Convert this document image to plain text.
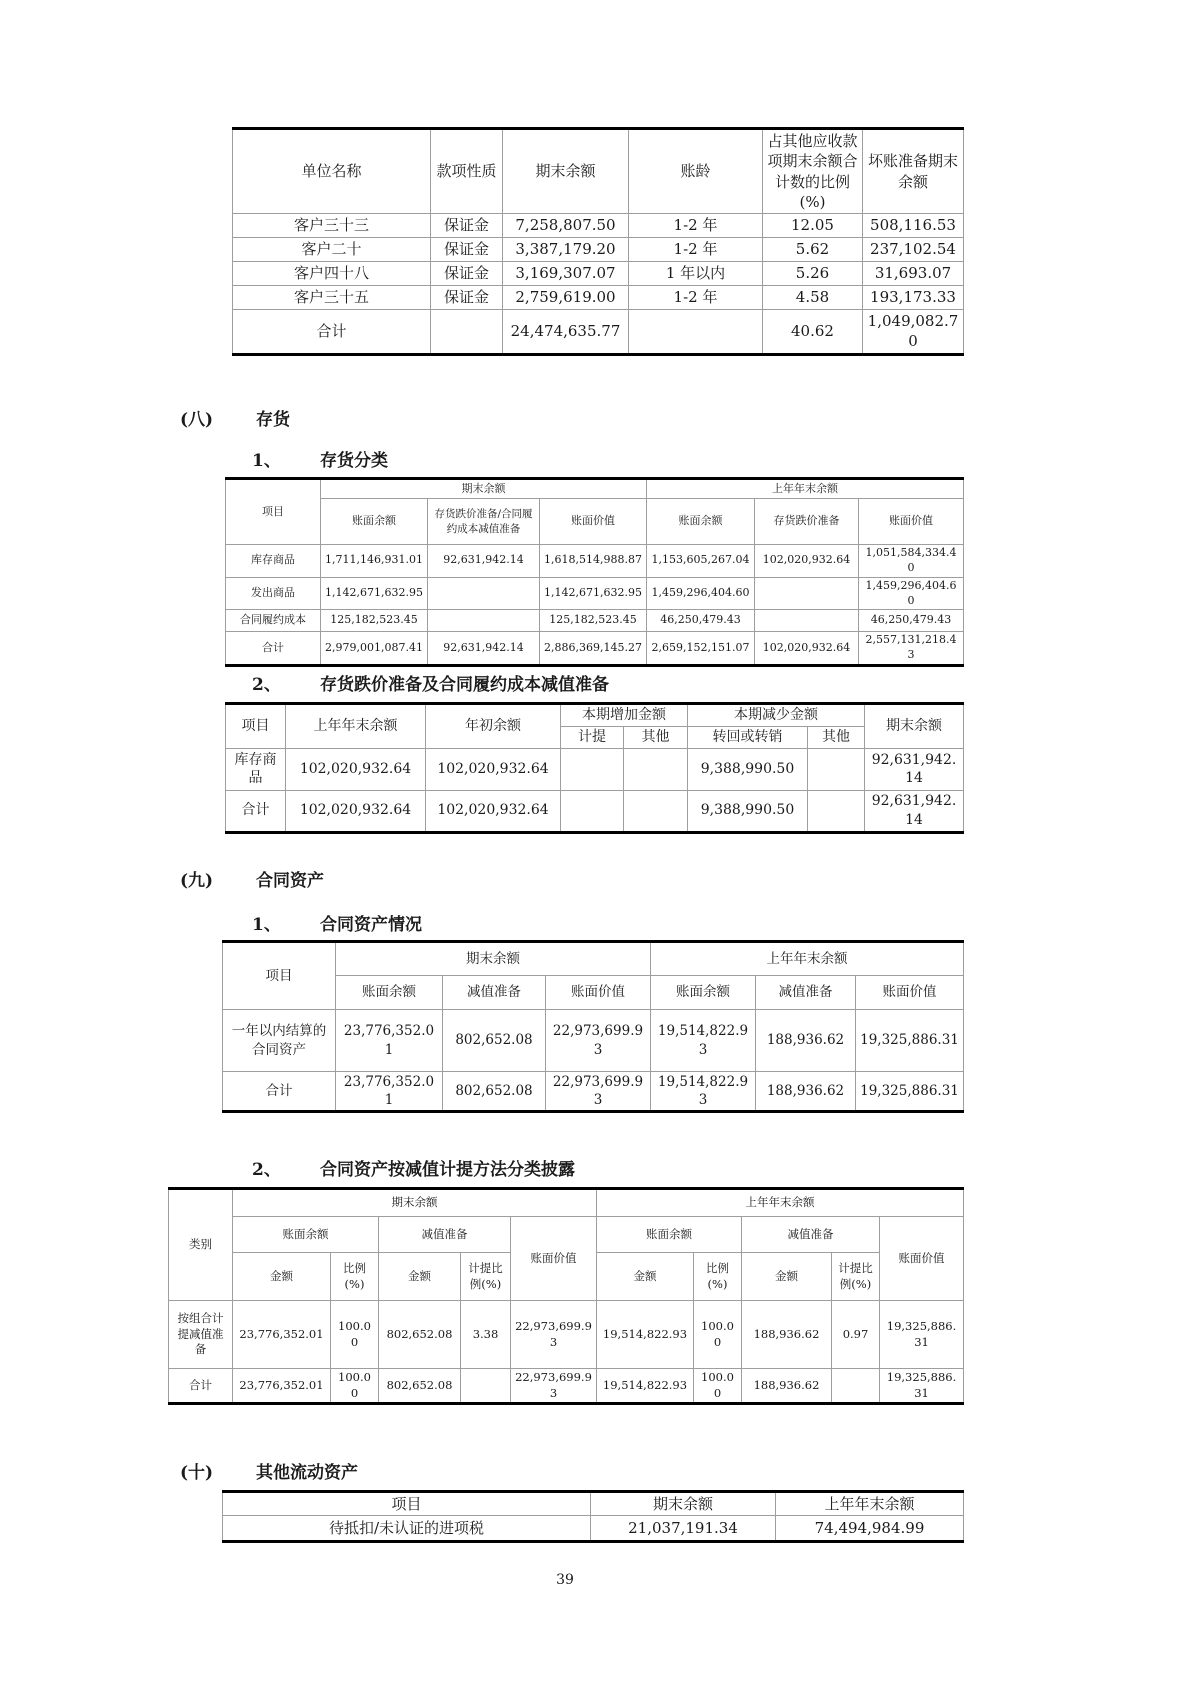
单位名称	款项性质	期末余额	账龄	占其他应收款项期末余额合计数的比例(%)	坏账准备期末余额
客户三十三	保证金	7,258,807.50	1-2 年	12.05	508,116.53
客户二十	保证金	3,387,179.20	1-2 年	5.62	237,102.54
客户四十八	保证金	3,169,307.07	1 年以内	5.26	31,693.07
客户三十五	保证金	2,759,619.00	1-2 年	4.58	193,173.33
合计		24,474,635.77		40.62	1,049,082.70
(八)	存货
1、 存货分类
项目	期末余额			上年年末余额		
	账面余额	存货跌价准备/合同履约成本减值准备	账面价值	账面余额	存货跌价准备	账面价值
库存商品	1,711,146,931.01	92,631,942.14	1,618,514,988.87	1,153,605,267.04	102,020,932.64	1,051,584,334.40
发出商品	1,142,671,632.95		1,142,671,632.95	1,459,296,404.60		1,459,296,404.60
合同履约成本	125,182,523.45		125,182,523.45	46,250,479.43		46,250,479.43
合计	2,979,001,087.41	92,631,942.14	2,886,369,145.27	2,659,152,151.07	102,020,932.64	2,557,131,218.43
2、 存货跌价准备及合同履约成本减值准备
项目	上年年末余额	年初余额	本期增加金额		本期减少金额		期末余额
			计提	其他	转回或转销	其他	
库存商品	102,020,932.64	102,020,932.64			9,388,990.50		92,631,942.14
合计	102,020,932.64	102,020,932.64			9,388,990.50		92,631,942.14
(九)	合同资产
1、 合同资产情况
项目	期末余额			上年年末余额		
	账面余额	减值准备	账面价值	账面余额	减值准备	账面价值
一年以内结算的合同资产	23,776,352.01	802,652.08	22,973,699.93	19,514,822.93	188,936.62	19,325,886.31
合计	23,776,352.01	802,652.08	22,973,699.93	19,514,822.93	188,936.62	19,325,886.31
2、 合同资产按减值计提方法分类披露
类别	期末余额					上年年末余额				
	账面余额		减值准备		账面价值	账面余额		减值准备		账面价值
	金额	比例(%)	金额	计提比例(%)		金额	比例(%)	金额	计提比例(%)	
按组合计提减值准备	23,776,352.01	100.00	802,652.08	3.38	22,973,699.93	19,514,822.93	100.00	188,936.62	0.97	19,325,886.31
合计	23,776,352.01	100.00	802,652.08		22,973,699.93	19,514,822.93	100.00	188,936.62		19,325,886.31
(十)	其他流动资产
项目	期末余额	上年年末余额
待抵扣/未认证的进项税	21,037,191.34	74,494,984.99
39
